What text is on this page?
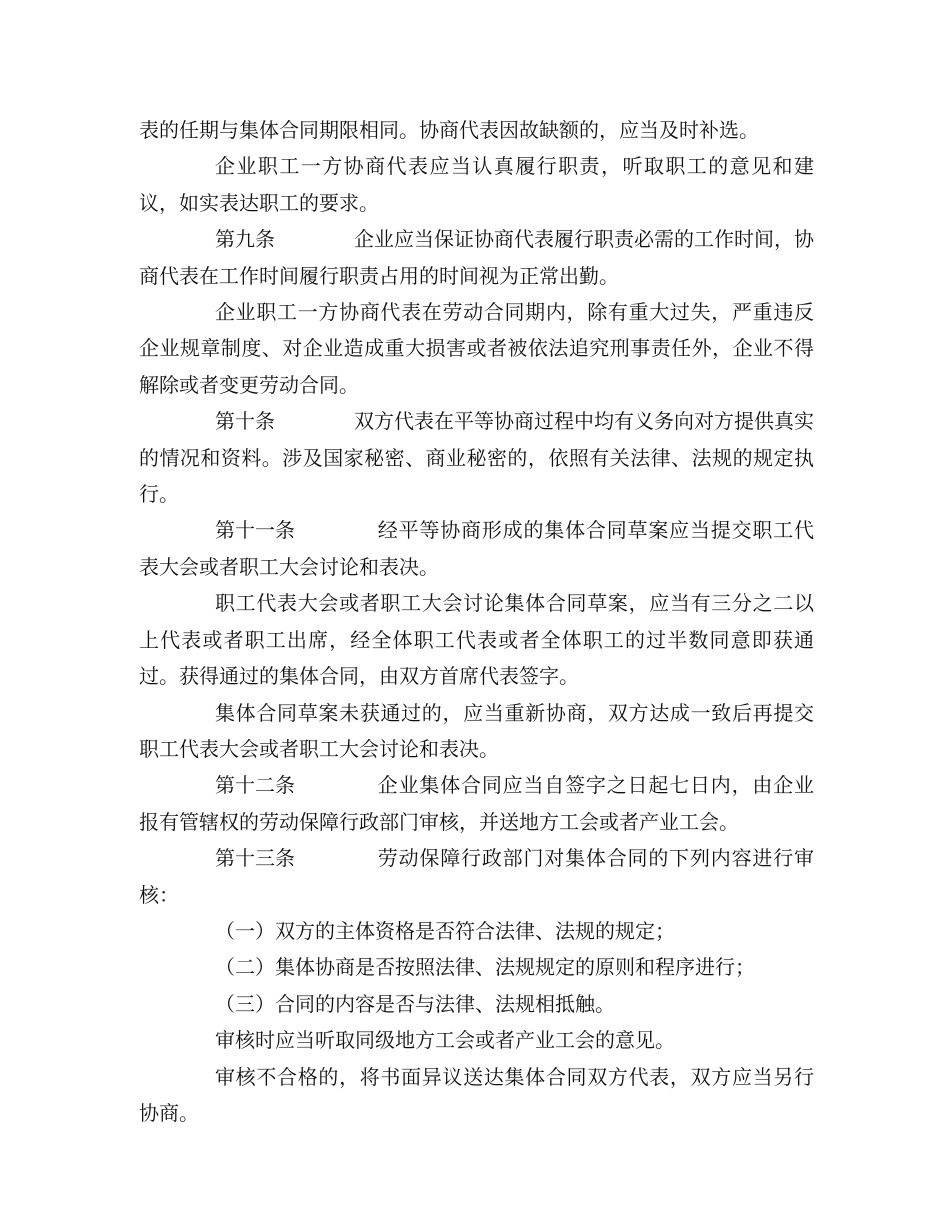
表的任期与集体合同期限相同。协商代表因故缺额的，应当及时补选。

企业职工一方协商代表应当认真履行职责，听取职工的意见和建议，如实表达职工的要求。

第九条	企业应当保证协商代表履行职责必需的工作时间，协商代表在工作时间履行职责占用的时间视为正常出勤。

企业职工一方协商代表在劳动合同期内，除有重大过失，严重违反企业规章制度、对企业造成重大损害或者被依法追究刑事责任外，企业不得解除或者变更劳动合同。

第十条	双方代表在平等协商过程中均有义务向对方提供真实的情况和资料。涉及国家秘密、商业秘密的，依照有关法律、法规的规定执行。

第十一条	经平等协商形成的集体合同草案应当提交职工代表大会或者职工大会讨论和表决。

职工代表大会或者职工大会讨论集体合同草案，应当有三分之二以上代表或者职工出席，经全体职工代表或者全体职工的过半数同意即获通过。获得通过的集体合同，由双方首席代表签字。

集体合同草案未获通过的，应当重新协商，双方达成一致后再提交职工代表大会或者职工大会讨论和表决。

第十二条	企业集体合同应当自签字之日起七日内，由企业报有管辖权的劳动保障行政部门审核，并送地方工会或者产业工会。

第十三条	劳动保障行政部门对集体合同的下列内容进行审核：

（一）双方的主体资格是否符合法律、法规的规定；

（二）集体协商是否按照法律、法规规定的原则和程序进行；

（三）合同的内容是否与法律、法规相抵触。

审核时应当听取同级地方工会或者产业工会的意见。

审核不合格的，将书面异议送达集体合同双方代表，双方应当另行协商。
